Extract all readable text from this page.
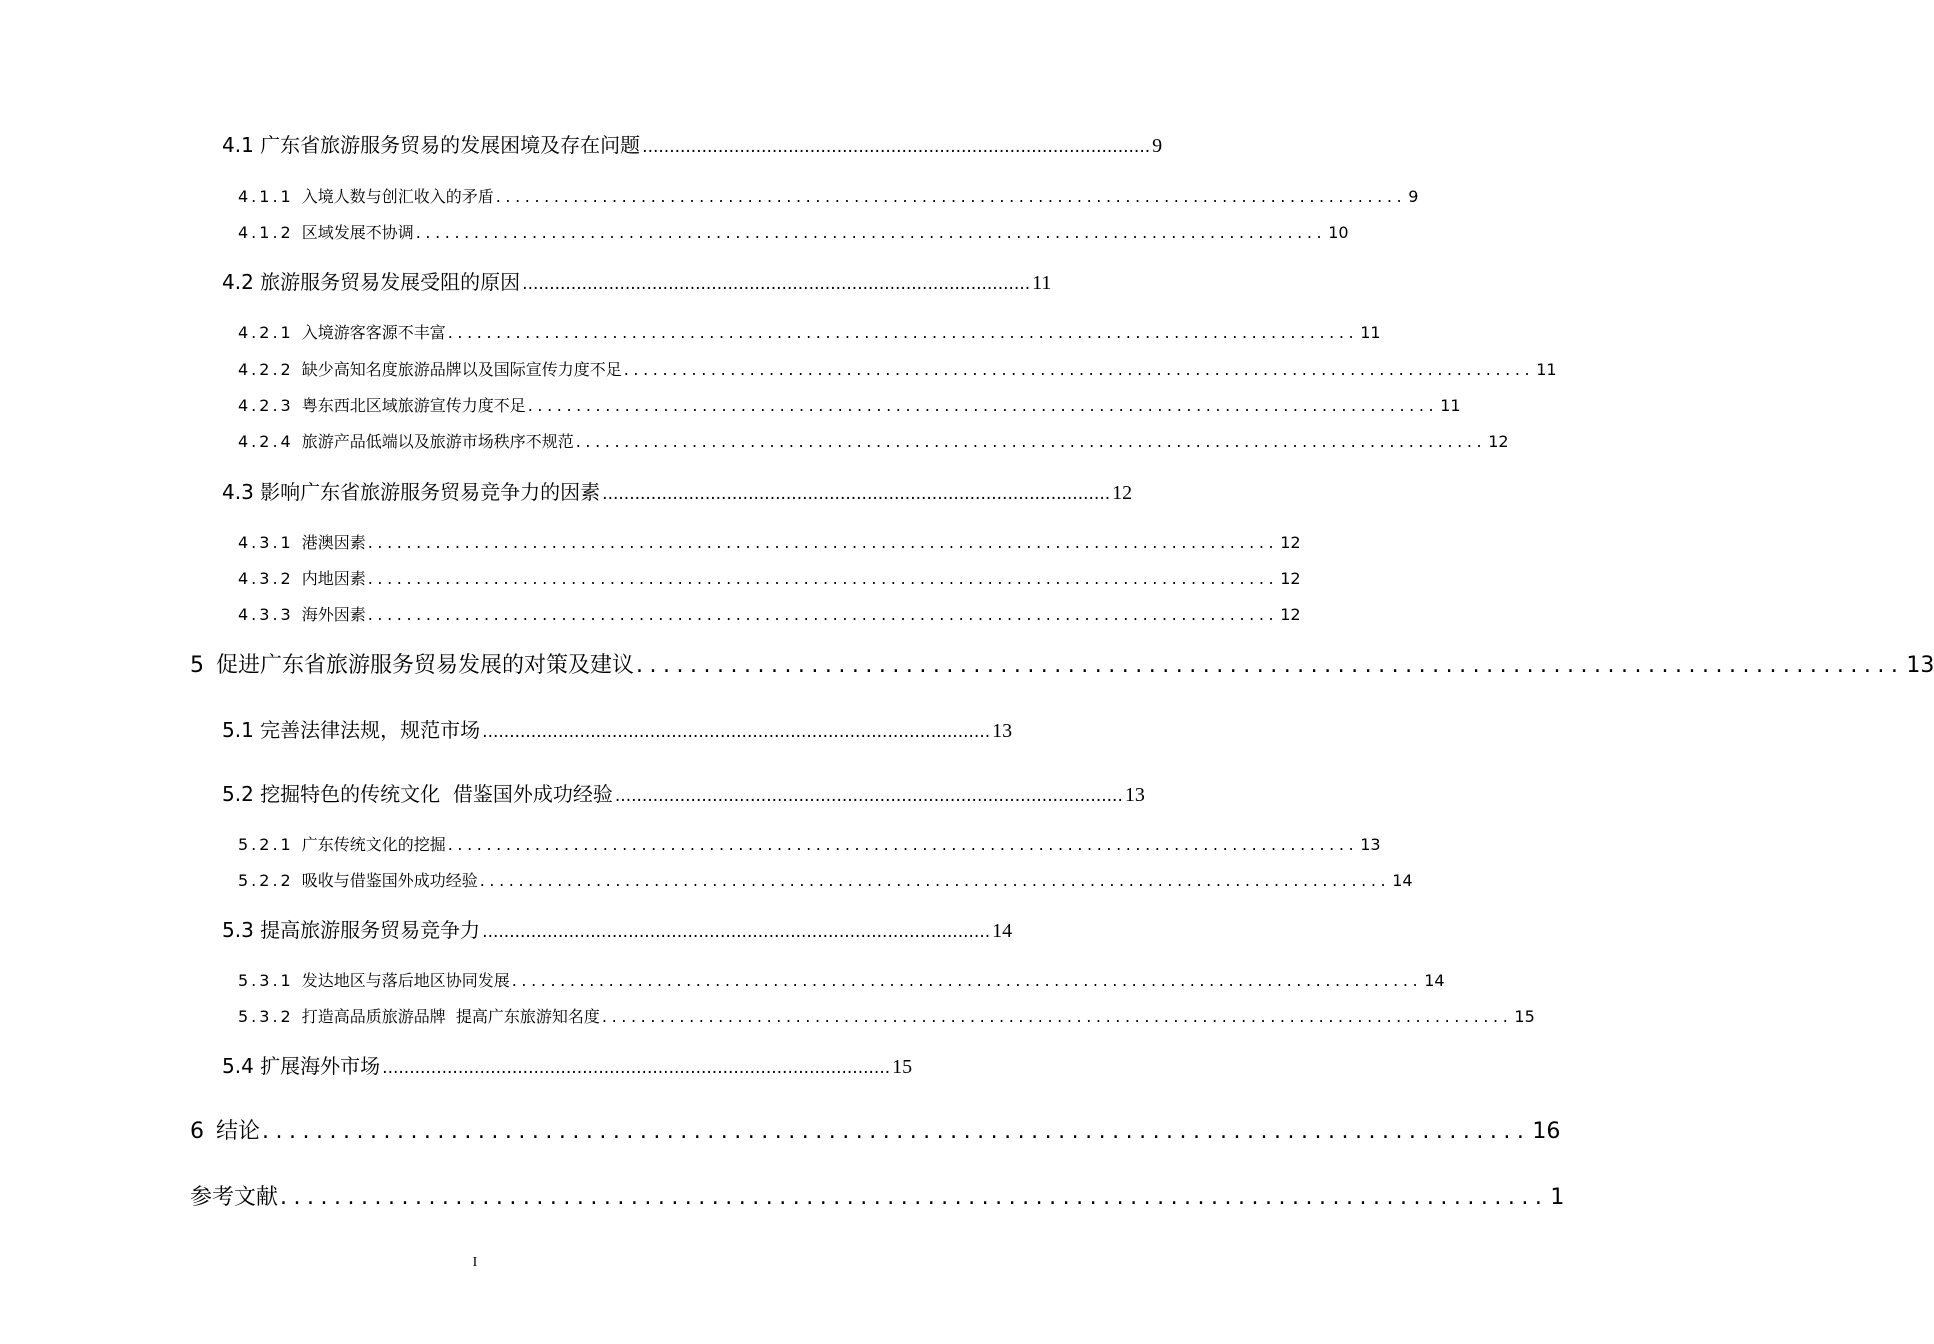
4.1 广东省旅游服务贸易的发展困境及存在问题 .............................................................................................. 9
4.1.1 入境人数与创汇收入的矛盾 .............................................................................................. 9
4.1.2 区域发展不协调 .............................................................................................. 10
4.2 旅游服务贸易发展受阻的原因 .............................................................................................. 11
4.2.1 入境游客客源不丰富 .............................................................................................. 11
4.2.2 缺少高知名度旅游品牌以及国际宣传力度不足 .............................................................................................. 11
4.2.3 粤东西北区域旅游宣传力度不足 .............................................................................................. 11
4.2.4 旅游产品低端以及旅游市场秩序不规范 .............................................................................................. 12
4.3 影响广东省旅游服务贸易竞争力的因素 .............................................................................................. 12
4.3.1 港澳因素 .............................................................................................. 12
4.3.2 内地因素 .............................................................................................. 12
4.3.3 海外因素 .............................................................................................. 12
5 促进广东省旅游服务贸易发展的对策及建议 .............................................................................................. 13
5.1 完善法律法规，规范市场 .............................................................................................. 13
5.2 挖掘特色的传统文化  借鉴国外成功经验 .............................................................................................. 13
5.2.1 广东传统文化的挖掘 .............................................................................................. 13
5.2.2 吸收与借鉴国外成功经验 .............................................................................................. 14
5.3 提高旅游服务贸易竞争力 .............................................................................................. 14
5.3.1 发达地区与落后地区协同发展 .............................................................................................. 14
5.3.2 打造高品质旅游品牌  提高广东旅游知名度 .............................................................................................. 15
5.4 扩展海外市场 .............................................................................................. 15
6 结论 .............................................................................................. 16
参考文献 .............................................................................................. 1
I
